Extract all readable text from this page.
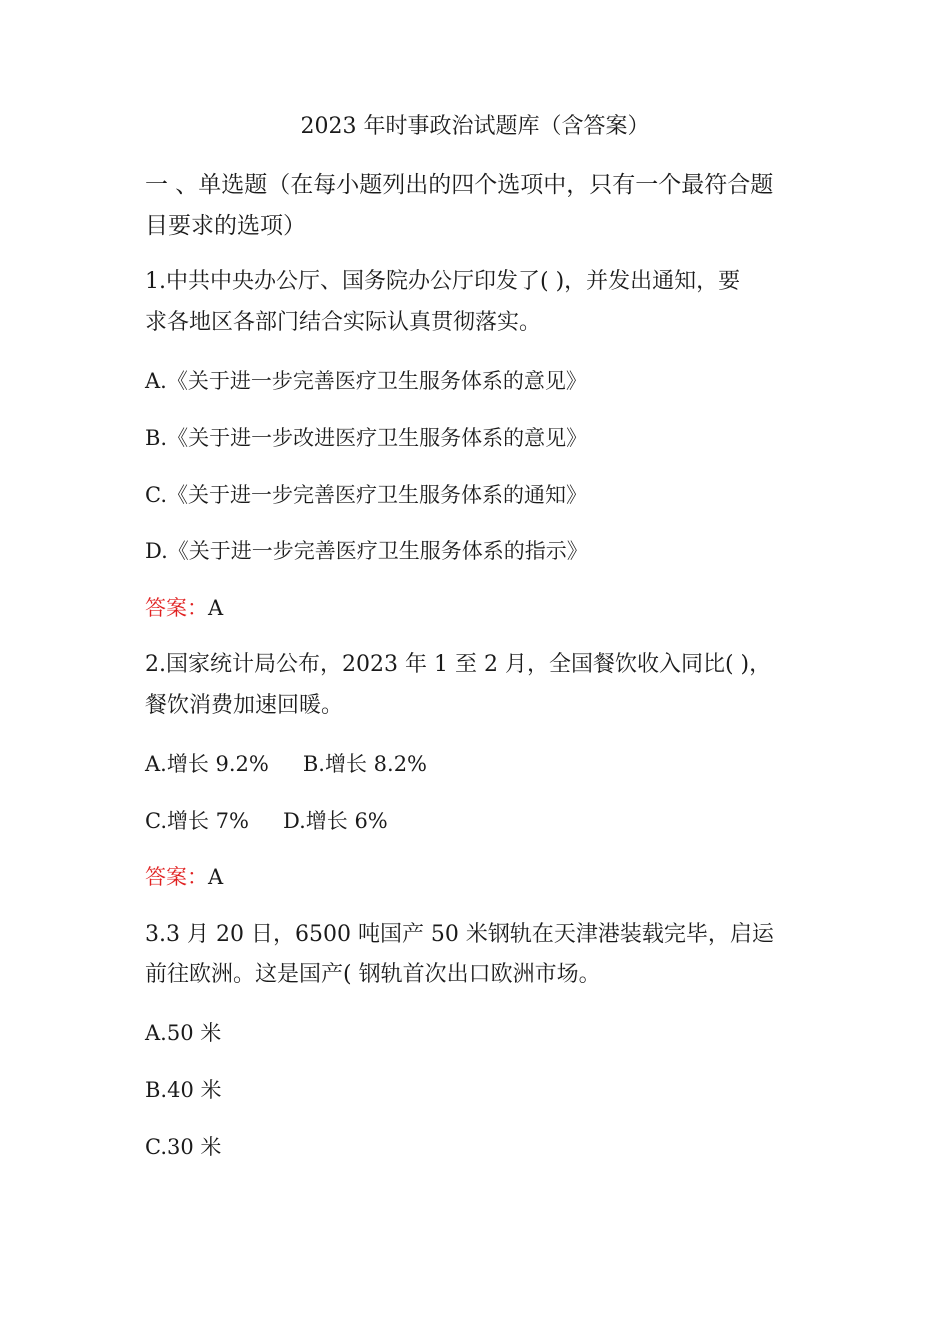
2023 年时事政治试题库（含答案）
一 、单选题（在每小题列出的四个选项中，只有一个最符合题
目要求的选项）
1.中共中央办公厅、国务院办公厅印发了( )，并发出通知，要
求各地区各部门结合实际认真贯彻落实。
A.《关于进一步完善医疗卫生服务体系的意见》
B.《关于进一步改进医疗卫生服务体系的意见》
C.《关于进一步完善医疗卫生服务体系的通知》
D.《关于进一步完善医疗卫生服务体系的指示》
答案：A
2.国家统计局公布，2023 年 1 至 2 月，全国餐饮收入同比( )，
餐饮消费加速回暖。
A.增长 9.2% B.增长 8.2%
C.增长 7% D.增长 6%
答案：A
3.3 月 20 日，6500 吨国产 50 米钢轨在天津港装载完毕，启运
前往欧洲。这是国产( 钢轨首次出口欧洲市场。
A.50 米
B.40 米
C.30 米
